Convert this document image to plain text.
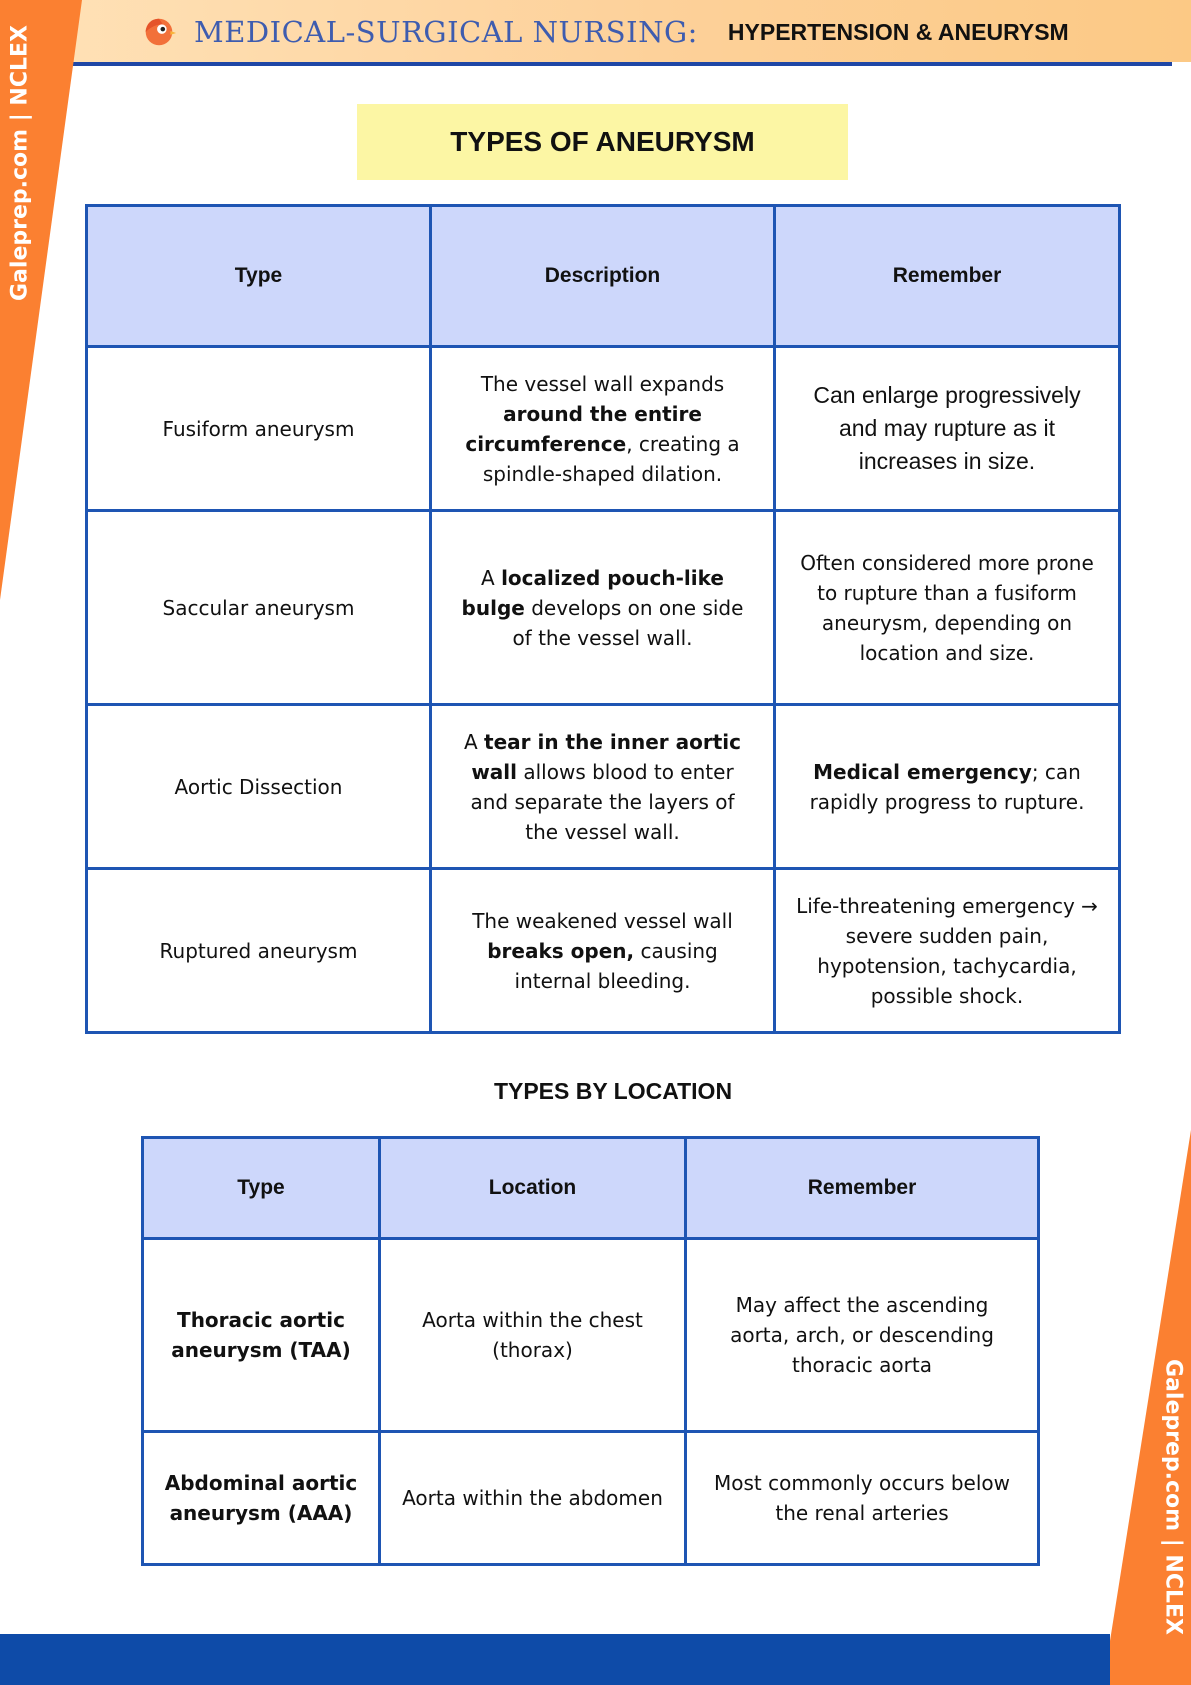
MEDICAL-SURGICAL NURSING: HYPERTENSION & ANEURYSM
Galeprep.com | NCLEX
Galeprep.com | NCLEX
TYPES OF ANEURYSM
Type	Description	Remember
Fusiform aneurysm	The vessel wall expands around the entire circumference, creating a spindle-shaped dilation.	Can enlarge progressively and may rupture as it increases in size.
Saccular aneurysm	A localized pouch-like bulge develops on one side of the vessel wall.	Often considered more prone to rupture than a fusiform aneurysm, depending on location and size.
Aortic Dissection	A tear in the inner aortic wall allows blood to enter and separate the layers of the vessel wall.	Medical emergency; can rapidly progress to rupture.
Ruptured aneurysm	The weakened vessel wall breaks open, causing internal bleeding.	Life-threatening emergency → severe sudden pain, hypotension, tachycardia, possible shock.
TYPES BY LOCATION
Type	Location	Remember
Thoracic aortic aneurysm (TAA)	Aorta within the chest (thorax)	May affect the ascending aorta, arch, or descending thoracic aorta
Abdominal aortic aneurysm (AAA)	Aorta within the abdomen	Most commonly occurs below the renal arteries
